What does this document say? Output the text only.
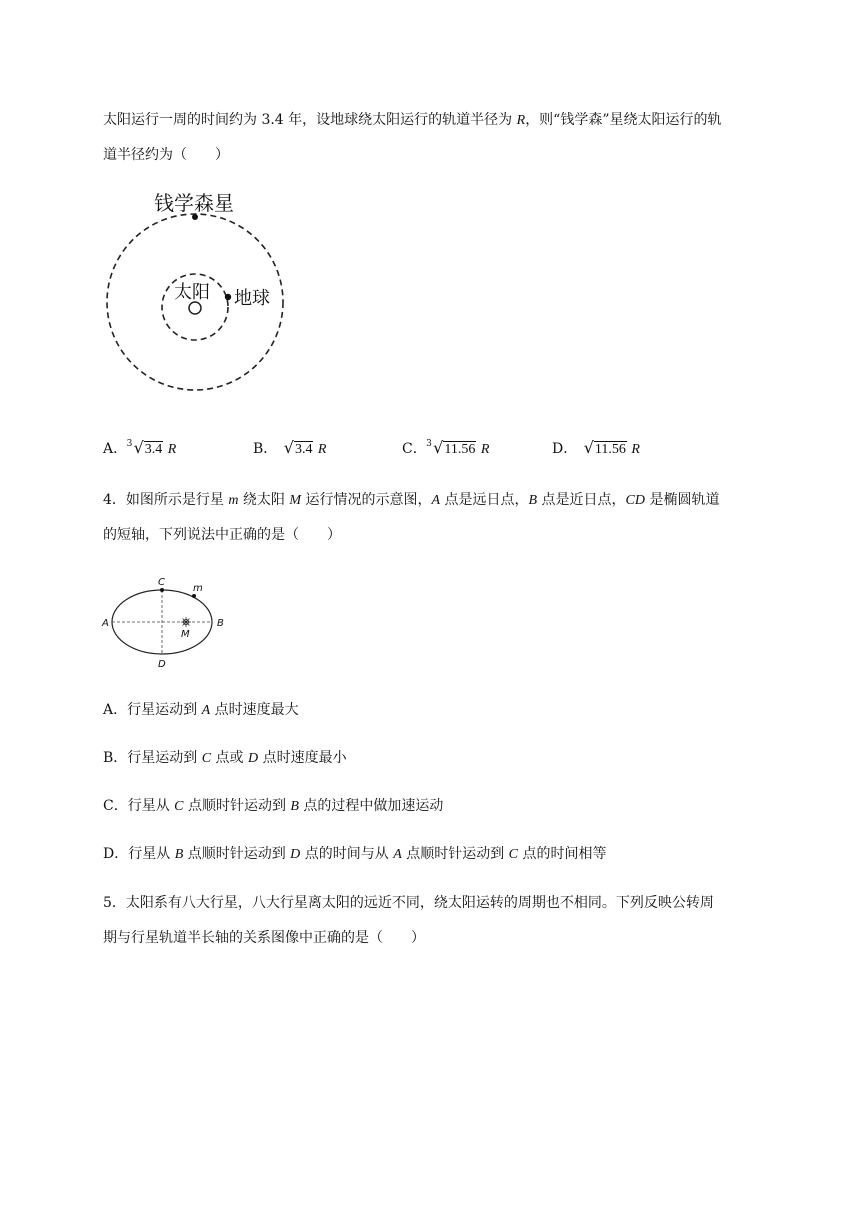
太阳运行一周的时间约为 3.4 年，设地球绕太阳运行的轨道半径为 R，则“钱学森”星绕太阳运行的轨
道半径约为（　　）
钱学森星
太阳 地球
A． 3 √3.4 R	B． √3.4 R	C． 3 √11.56 R	D． √11.56 R
4．如图所示是行星 m 绕太阳 M 运行情况的示意图，A 点是远日点，B 点是近日点，CD 是椭圆轨道
的短轴，下列说法中正确的是（　　）
A	B
C
D
m
M
A．行星运动到 A 点时速度最大
B．行星运动到 C 点或 D 点时速度最小
C．行星从 C 点顺时针运动到 B 点的过程中做加速运动
D．行星从 B 点顺时针运动到 D 点的时间与从 A 点顺时针运动到 C 点的时间相等
5．太阳系有八大行星，八大行星离太阳的远近不同，绕太阳运转的周期也不相同。下列反映公转周
期与行星轨道半长轴的关系图像中正确的是（　　）
